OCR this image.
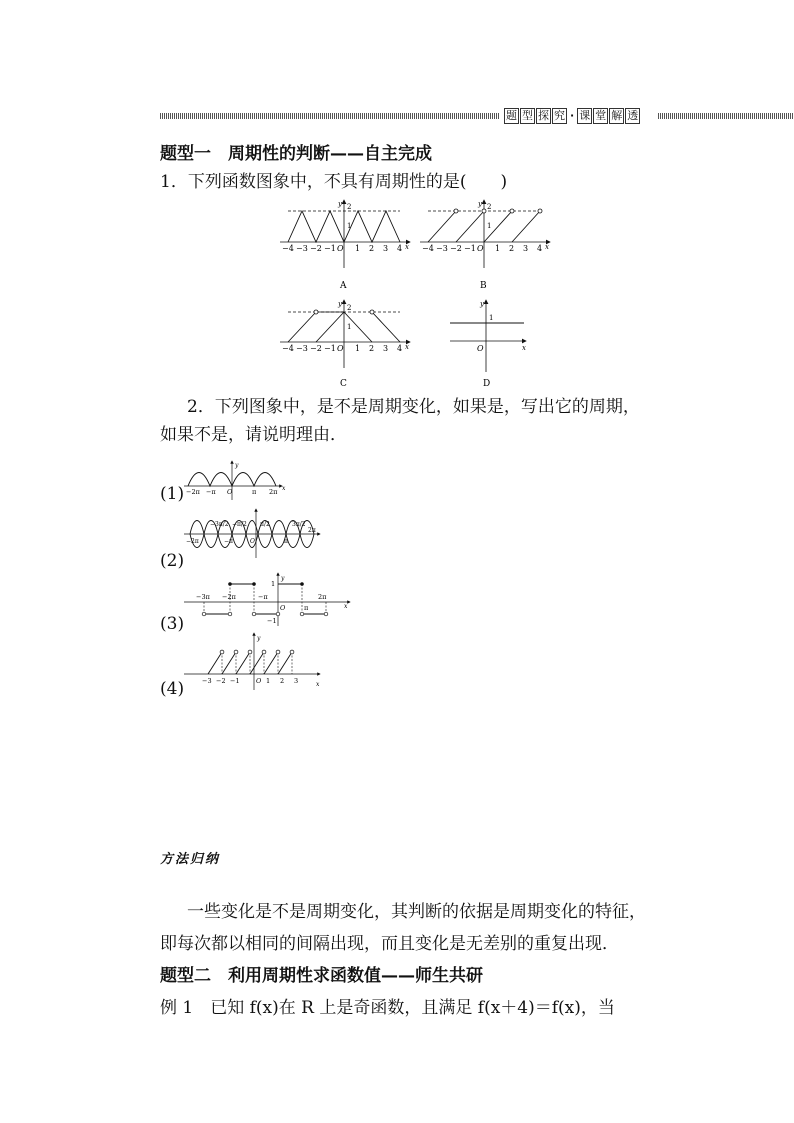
题 型 探 究 · 课 堂 解 透
题型一　周期性的判断——自主完成
1．下列函数图象中，不具有周期性的是(　　)
−4 −3 −2 −1 O 1 2 3 4 x
y 2
1
A
−4 −3 −2 −1 O 1 2 3 4 x
y 2
1
B
−4 −3 −2 −1 O 1 2 3 4 x
y 2
1
C
y
1
O	x
D
2．下列图象中，是不是周期变化，如果是，写出它的周期，
如果不是，请说明理由．
(1) −2π −π O	π 2π x
y
(2)
−3π/2 −π/2 π/2	3π/2
2π
−2π	−π	O	π
(3)
−3π −2π	−π
O	π
2π
x
y
1
−1
(4)	−3 −2 −1	O 1 2 3	x
y
方法归纳
一些变化是不是周期变化，其判断的依据是周期变化的特征，
即每次都以相同的间隔出现，而且变化是无差别的重复出现．
题型二　利用周期性求函数值——师生共研
例 1　已知 f(x)在 R 上是奇函数，且满足 f(x＋4)＝f(x)，当
